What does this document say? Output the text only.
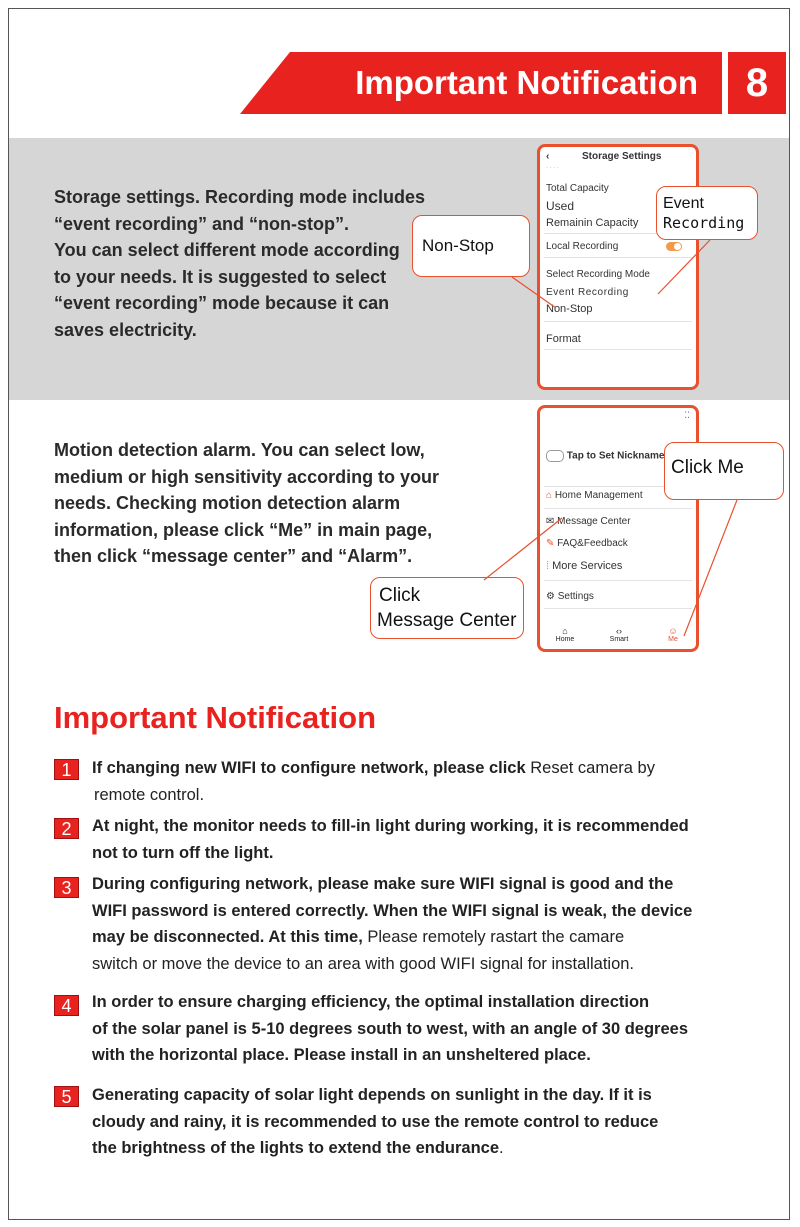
Important Notification	8
Storage settings. Recording mode includes
“event recording” and “non-stop”.
You can select different mode according
to your needs. It is suggested to select
“event recording” mode because it can
saves electricity.
‹	Storage Settings
· · · ·
Total Capacity
Used
Remainin Capacity
Local Recording
Select Recording Mode
Event Recording
Non-Stop
Format
Non-Stop
Event
Recording
Motion detection alarm. You can select low,
medium or high sensitivity according to your
needs. Checking motion detection alarm
information, please click “Me” in main page,
then click “message center” and “Alarm”.
⁚⁚
Tap to Set Nickname
⌂ Home Management
✉ Message Center
✎ FAQ&Feedback
⁞ More Services
⚙ Settings
⌂
Home
‹›
Smart
☺
Me
Click Me
Click
Message Center
Important Notification
1	If changing new WIFI to configure network, please click Reset camera by
remote control.
2	At night, the monitor needs to fill-in light during working, it is recommended
not to turn off the light.
3	During configuring network, please make sure WIFI signal is good and the
WIFI password is entered correctly. When the WIFI signal is weak, the device
may be disconnected. At this time, Please remotely rastart the camare
switch or move the device to an area with good WIFI signal for installation.
4	In order to ensure charging efficiency, the optimal installation direction
of the solar panel is 5-10 degrees south to west, with an angle of 30 degrees
with the horizontal place. Please install in an unsheltered place.
5	Generating capacity of solar light depends on sunlight in the day. If it is
cloudy and rainy, it is recommended to use the remote control to reduce
the brightness of the lights to extend the endurance.
